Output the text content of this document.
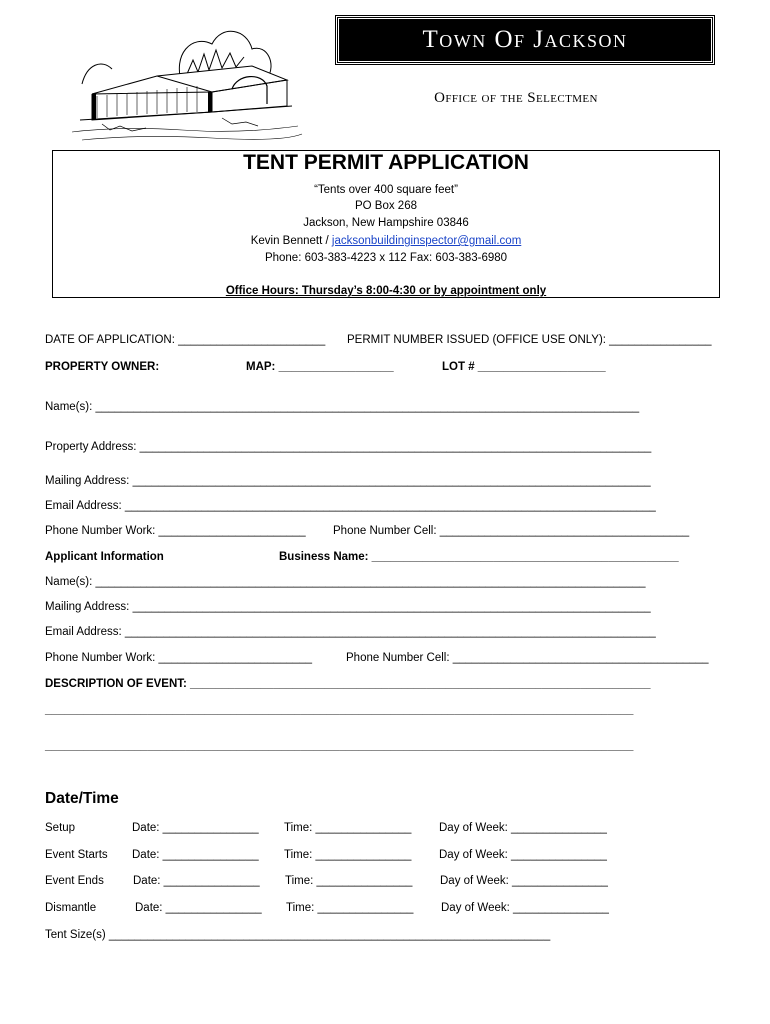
Town Of Jackson
Office of the Selectmen
TENT PERMIT APPLICATION
“Tents over 400 square feet”
PO Box 268
Jackson, New Hampshire 03846
Kevin Bennett / jacksonbuildinginspector@gmail.com
Phone: 603-383-4223 x 112 Fax: 603-383-6980
Office Hours: Thursday’s 8:00-4:30 or by appointment only
DATE OF APPLICATION: _______________________ PERMIT NUMBER ISSUED (OFFICE USE ONLY): ________________
PROPERTY OWNER:	MAP: __________________	LOT # ____________________
Name(s): _____________________________________________________________________________________
Property Address: ________________________________________________________________________________
Mailing Address: _________________________________________________________________________________
Email Address: ___________________________________________________________________________________
Phone Number Work: _______________________ Phone Number Cell: _______________________________________
Applicant Information	Business Name: ________________________________________________
Name(s): ______________________________________________________________________________________
Mailing Address: _________________________________________________________________________________
Email Address: ___________________________________________________________________________________
Phone Number Work: ________________________	Phone Number Cell: ________________________________________
DESCRIPTION OF EVENT: ________________________________________________________________________
____________________________________________________________________________________________
____________________________________________________________________________________________
Date/Time
Setup	Date: _______________ Time: _______________ Day of Week: _______________
Event Starts Date: _______________ Time: _______________ Day of Week: _______________
Event Ends	Date: _______________ Time: _______________ Day of Week: _______________
Dismantle	Date: _______________ Time: _______________ Day of Week: _______________
Tent Size(s) _____________________________________________________________________
